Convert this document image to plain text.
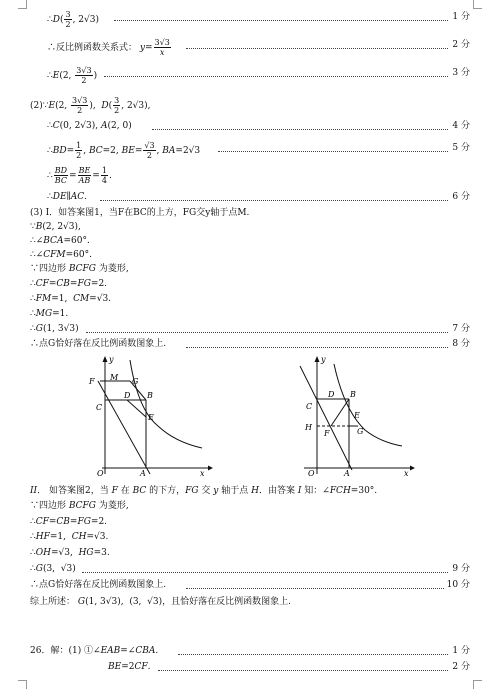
∴D( $\frac{3}{2}$ , 2√3)	1 分
∴反比例函数关系式： $y= \frac{3√3}{x}$	2 分
∴E(2, $\frac{3√3}{2}$ )	3 分
(2)∵E(2, $\frac{3√3}{2}$ ),  $D( \frac{3}{2}$ , 2√3),
∴C(0, 2√3), A(2, 0)	4 分
∴BD= $\frac{1}{2}$ , BC=2, $BE= \frac{√3}{2}$ , BA=2√3	5 分
∴ $\frac{BD}{BC} = \frac{BE}{AB} = \frac{1}{4}$ .
∴DE∥AC.	6 分
(3) Ⅰ．如答案图1，当F在BC的上方，FG交y轴于点M.
∵B(2, 2√3),
∴∠BCA=60°.
∴∠CFM=60°.
∵四边形 BCFG 为菱形,
∴CF=CB=FG=2.
∴FM=1,  CM=√3.
∴MG=1.
∴G(1, 3√3)	7 分
∴点G恰好落在反比例函数图象上.	8 分
y
F M G
D B
C
E
O	A	x
y
D B
C
E
H
F	G
O	A	x
II． 如答案图2，当 F 在 BC 的下方，FG 交 y 轴于点 H．由答案 I 知：∠FCH=30°.
∵四边形 BCFG 为菱形,
∴CF=CB=FG=2.
∴HF=1,  CH=√3.
∴OH=√3,  HG=3.
∴G(3,  √3)	9 分
∴点G恰好落在反比例函数图象上.	10 分
综上所述： G(1, 3√3),  (3,  √3)，且恰好落在反比例函数图象上.
26．解：(1) ①∠EAB=∠CBA.	1 分
BE=2CF.	2 分
